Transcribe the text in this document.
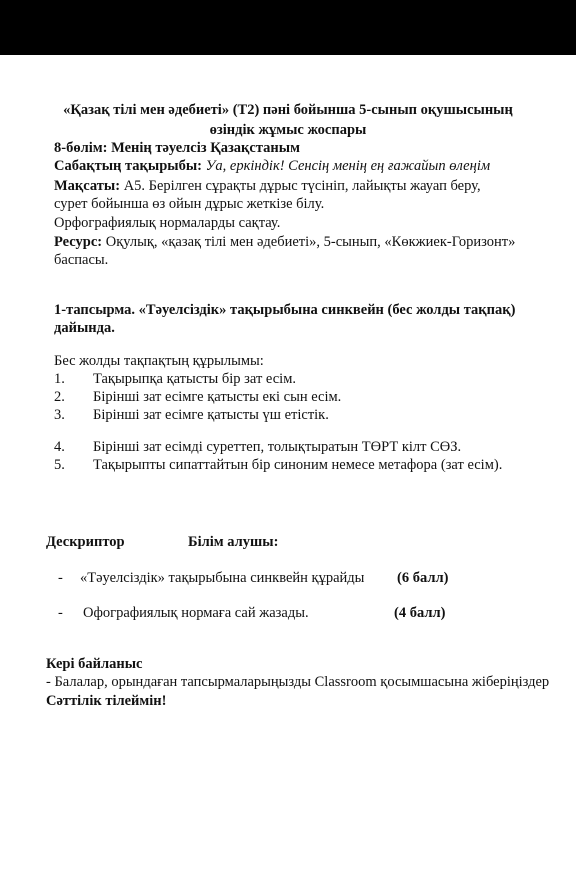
«Қазақ тілі мен әдебиеті» (Т2) пәні бойынша 5-сынып оқушысының
өзіндік жұмыс жоспары
8-бөлім: Менің тәуелсіз Қазақстаным
Сабақтың тақырыбы: Уа, еркіндік! Сенсің менің ең ғажайып өлеңім
Мақсаты: А5. Берілген сұрақты дұрыс түсініп, лайықты жауап беру,
сурет бойынша өз ойын дұрыс жеткізе білу.
Орфографиялық нормаларды сақтау.
Ресурс: Оқулық, «қазақ тілі мен әдебиеті», 5-сынып, «Көкжиек-Горизонт»
баспасы.
1-тапсырма. «Тәуелсіздік» тақырыбына синквейн (бес жолды тақпақ)
дайында.
Бес жолды тақпақтың құрылымы:
1. Тақырыпқа қатысты бір зат есім.
2. Бірінші зат есімге қатысты екі сын есім.
3. Бірінші зат есімге қатысты үш етістік.
4. Бірінші зат есімді суреттеп, толықтыратын ТӨРТ кілт СӨЗ.
5. Тақырыпты сипаттайтын бір синоним немесе метафора (зат есім).
Дескриптор	Білім алушы:
- «Тәуелсіздік» тақырыбына синквейн құрайды (6 балл)
- Офографиялық нормаға сай жазады.	(4 балл)
Кері байланыс
- Балалар, орындаған тапсырмаларыңызды Classroom қосымшасына жіберіңіздер
Сәттілік тілеймін!
